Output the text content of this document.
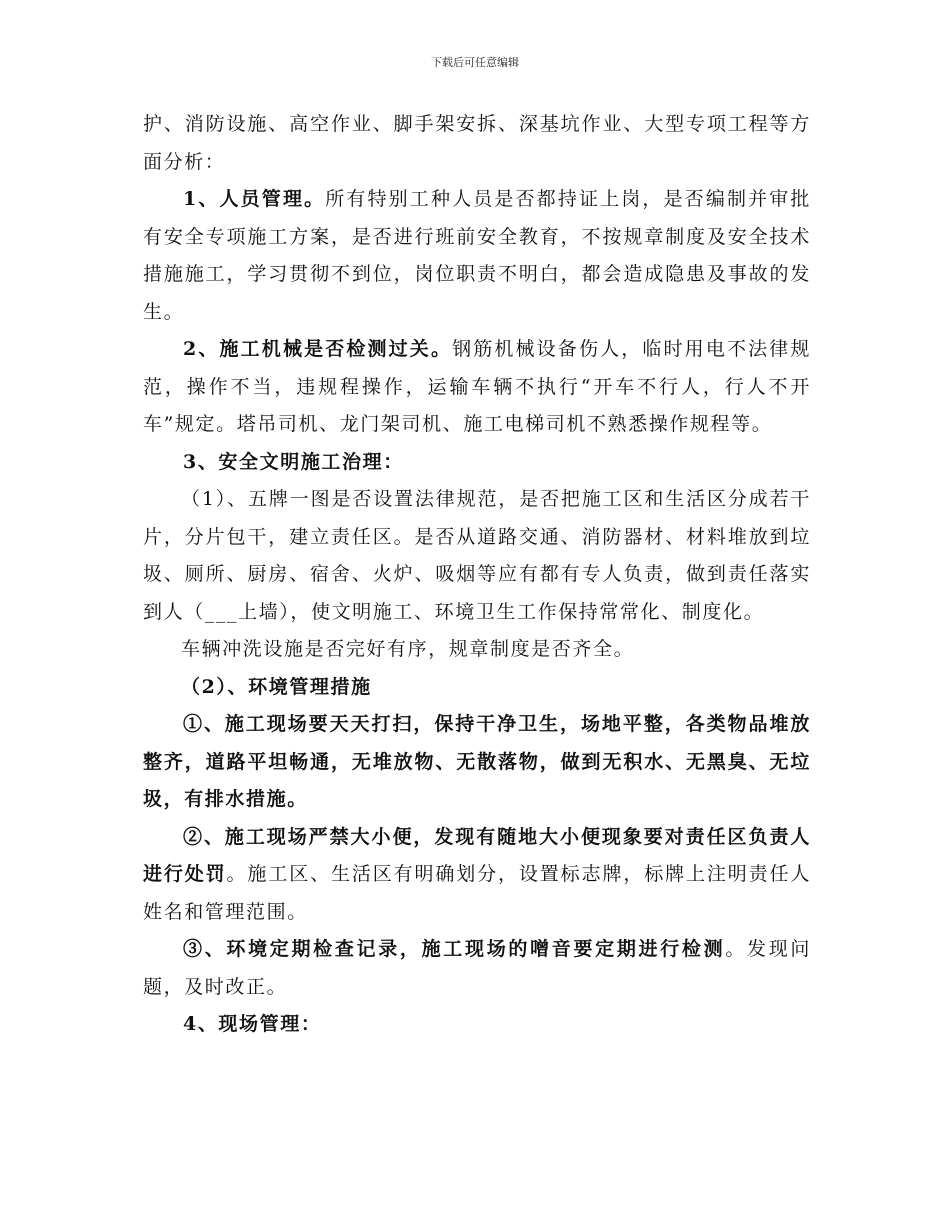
下载后可任意编辑

护、消防设施、高空作业、脚手架安拆、深基坑作业、大型专项工程等方面分析：

1、人员管理。所有特别工种人员是否都持证上岗，是否编制并审批有安全专项施工方案，是否进行班前安全教育，不按规章制度及安全技术措施施工，学习贯彻不到位，岗位职责不明白，都会造成隐患及事故的发生。

2、施工机械是否检测过关。钢筋机械设备伤人，临时用电不法律规范，操作不当，违规程操作，运输车辆不执行“开车不行人，行人不开车”规定。塔吊司机、龙门架司机、施工电梯司机不熟悉操作规程等。

3、安全文明施工治理：

（1）、五牌一图是否设置法律规范，是否把施工区和生活区分成若干片，分片包干，建立责任区。是否从道路交通、消防器材、材料堆放到垃圾、厕所、厨房、宿舍、火炉、吸烟等应有都有专人负责，做到责任落实到人（___上墙），使文明施工、环境卫生工作保持常常化、制度化。

车辆冲洗设施是否完好有序，规章制度是否齐全。

（2）、环境管理措施

①、施工现场要天天打扫，保持干净卫生，场地平整，各类物品堆放整齐，道路平坦畅通，无堆放物、无散落物，做到无积水、无黑臭、无垃圾，有排水措施。

②、施工现场严禁大小便，发现有随地大小便现象要对责任区负责人进行处罚。施工区、生活区有明确划分，设置标志牌，标牌上注明责任人姓名和管理范围。

③、环境定期检查记录，施工现场的噌音要定期进行检测。发现问题，及时改正。

4、现场管理：
